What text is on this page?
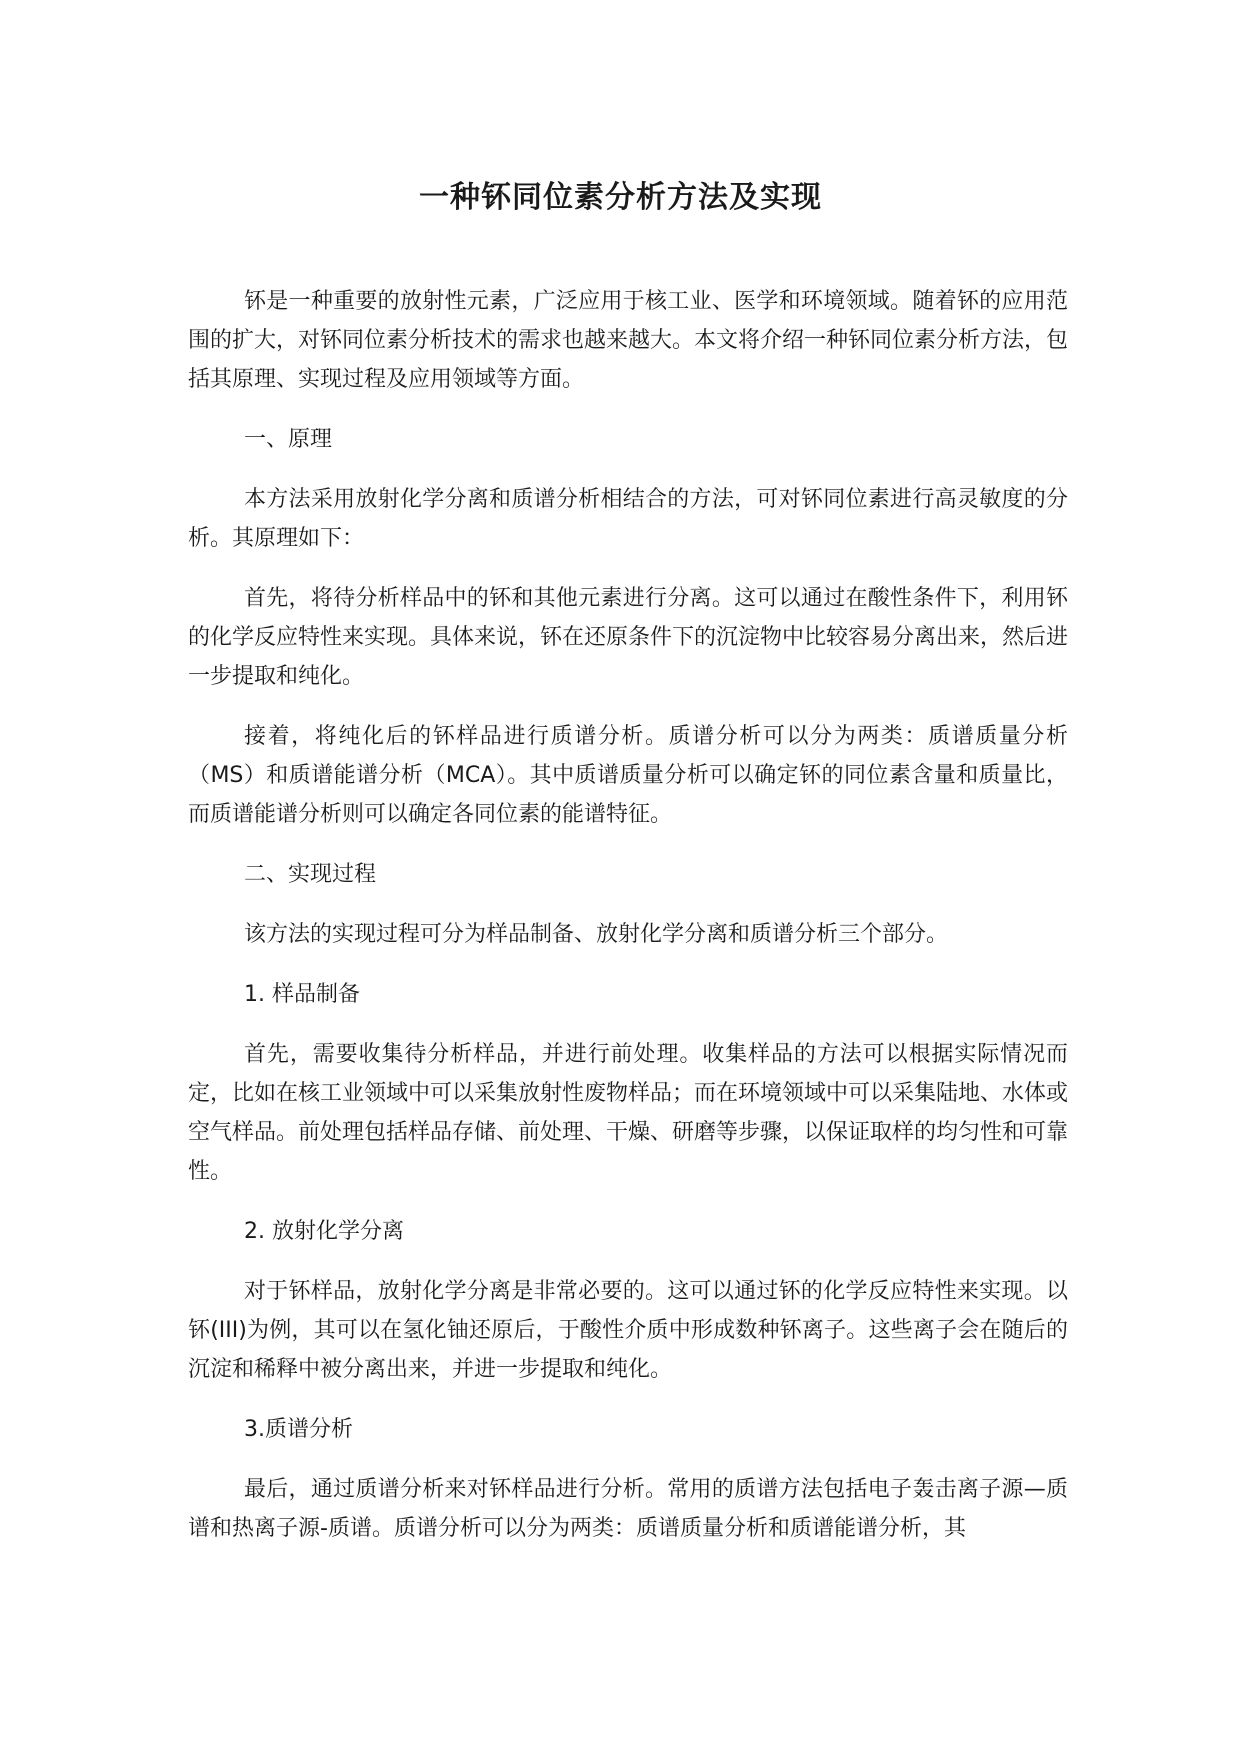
一种钚同位素分析方法及实现

钚是一种重要的放射性元素，广泛应用于核工业、医学和环境领域。随着钚的应用范围的扩大，对钚同位素分析技术的需求也越来越大。本文将介绍一种钚同位素分析方法，包括其原理、实现过程及应用领域等方面。

一、原理

本方法采用放射化学分离和质谱分析相结合的方法，可对钚同位素进行高灵敏度的分析。其原理如下：

首先，将待分析样品中的钚和其他元素进行分离。这可以通过在酸性条件下，利用钚的化学反应特性来实现。具体来说，钚在还原条件下的沉淀物中比较容易分离出来，然后进一步提取和纯化。

接着，将纯化后的钚样品进行质谱分析。质谱分析可以分为两类：质谱质量分析（MS）和质谱能谱分析（MCA）。其中质谱质量分析可以确定钚的同位素含量和质量比，而质谱能谱分析则可以确定各同位素的能谱特征。

二、实现过程

该方法的实现过程可分为样品制备、放射化学分离和质谱分析三个部分。

1. 样品制备

首先，需要收集待分析样品，并进行前处理。收集样品的方法可以根据实际情况而定，比如在核工业领域中可以采集放射性废物样品；而在环境领域中可以采集陆地、水体或空气样品。前处理包括样品存储、前处理、干燥、研磨等步骤，以保证取样的均匀性和可靠性。

2. 放射化学分离

对于钚样品，放射化学分离是非常必要的。这可以通过钚的化学反应特性来实现。以钚(III)为例，其可以在氢化铀还原后，于酸性介质中形成数种钚离子。这些离子会在随后的沉淀和稀释中被分离出来，并进一步提取和纯化。

3.质谱分析

最后，通过质谱分析来对钚样品进行分析。常用的质谱方法包括电子轰击离子源—质谱和热离子源-质谱。质谱分析可以分为两类：质谱质量分析和质谱能谱分析，其
